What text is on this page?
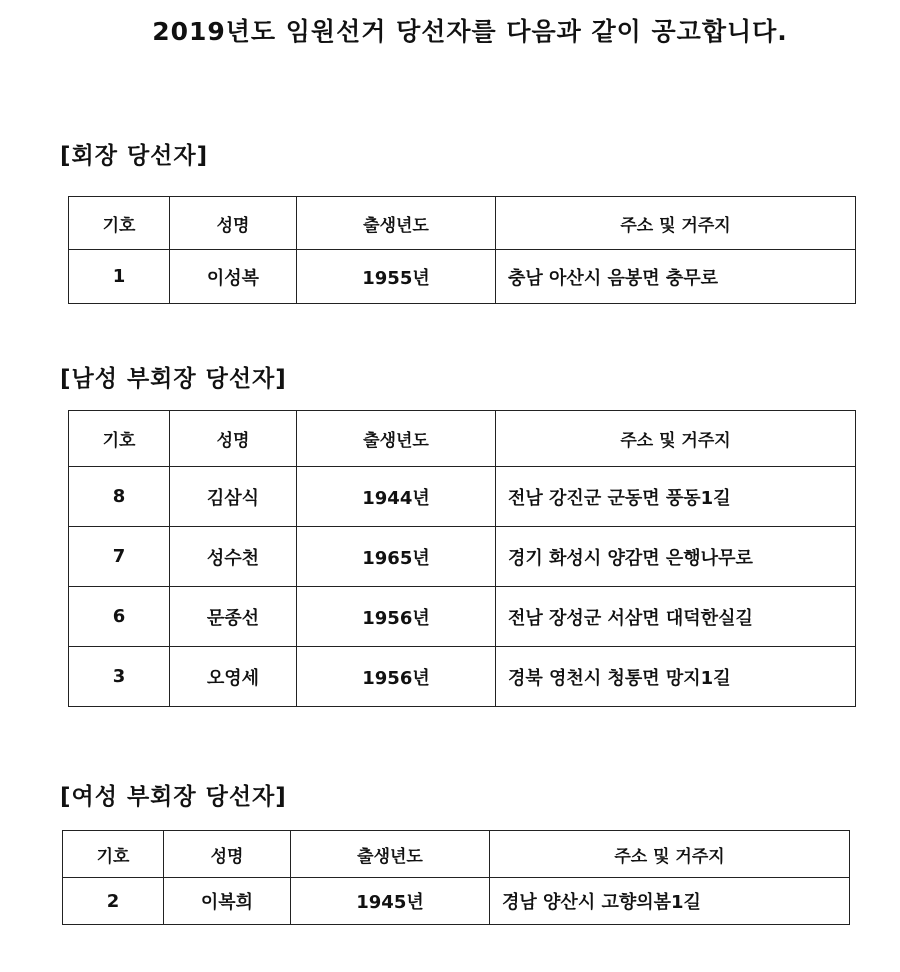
2019년도 임원선거 당선자를 다음과 같이 공고합니다.
[회장 당선자]
기호	성명	출생년도	주소 및 거주지
1	이성복	1955년	충남 아산시 음봉면 충무로
[남성 부회장 당선자]
기호	성명	출생년도	주소 및 거주지
8	김삼식	1944년	전남 강진군 군동면 풍동1길
7	성수천	1965년	경기 화성시 양감면 은행나무로
6	문종선	1956년	전남 장성군 서삼면 대덕한실길
3	오영세	1956년	경북 영천시 청통면 망지1길
[여성 부회장 당선자]
기호	성명	출생년도	주소 및 거주지
2	이복희	1945년	경남 양산시 고향의봄1길
